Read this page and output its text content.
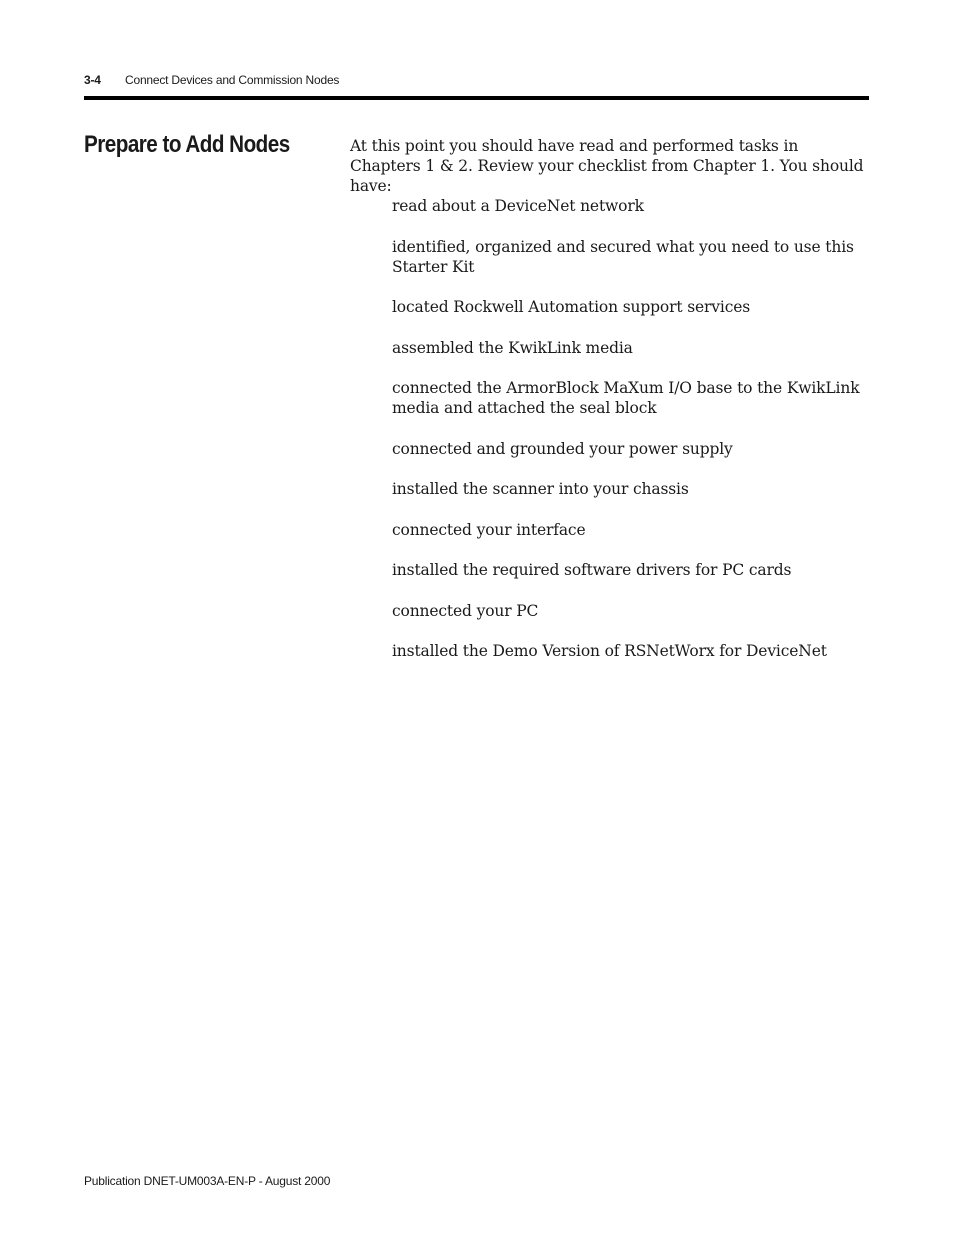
3-4 Connect Devices and Commission Nodes
Prepare to Add Nodes	At this point you should have read and performed tasks in Chapters 1 & 2. Review your checklist from Chapter 1. You should have:

read about a DeviceNet network
identified, organized and secured what you need to use this Starter Kit
located Rockwell Automation support services
assembled the KwikLink media
connected the ArmorBlock MaXum I/O base to the KwikLink media and attached the seal block
connected and grounded your power supply
installed the scanner into your chassis
connected your interface
installed the required software drivers for PC cards
connected your PC
installed the Demo Version of RSNetWorx for DeviceNet
Publication DNET-UM003A-EN-P - August 2000
